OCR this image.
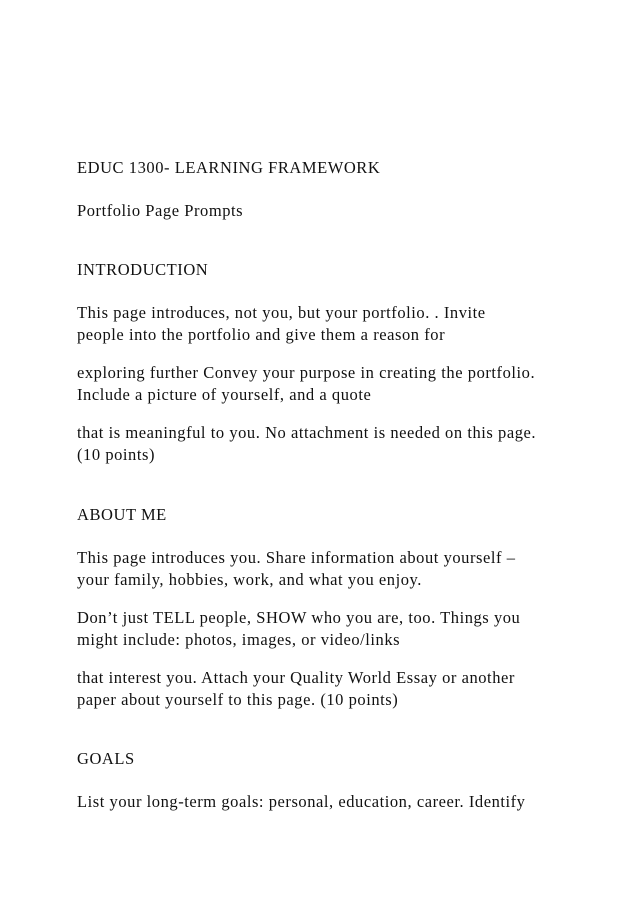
EDUC 1300- LEARNING FRAMEWORK

Portfolio Page Prompts

INTRODUCTION

This page introduces, not you, but your portfolio. . Invite

people into the portfolio and give them a reason for

exploring further Convey your purpose in creating the portfolio.

Include a picture of yourself, and a quote

that is meaningful to you. No attachment is needed on this page.

(10 points)

ABOUT ME

This page introduces you. Share information about yourself –

your family, hobbies, work, and what you enjoy.

Don’t just TELL people, SHOW who you are, too. Things you

might include: photos, images, or video/links

that interest you. Attach your Quality World Essay or another

paper about yourself to this page. (10 points)

GOALS

List your long-term goals: personal, education, career. Identify
